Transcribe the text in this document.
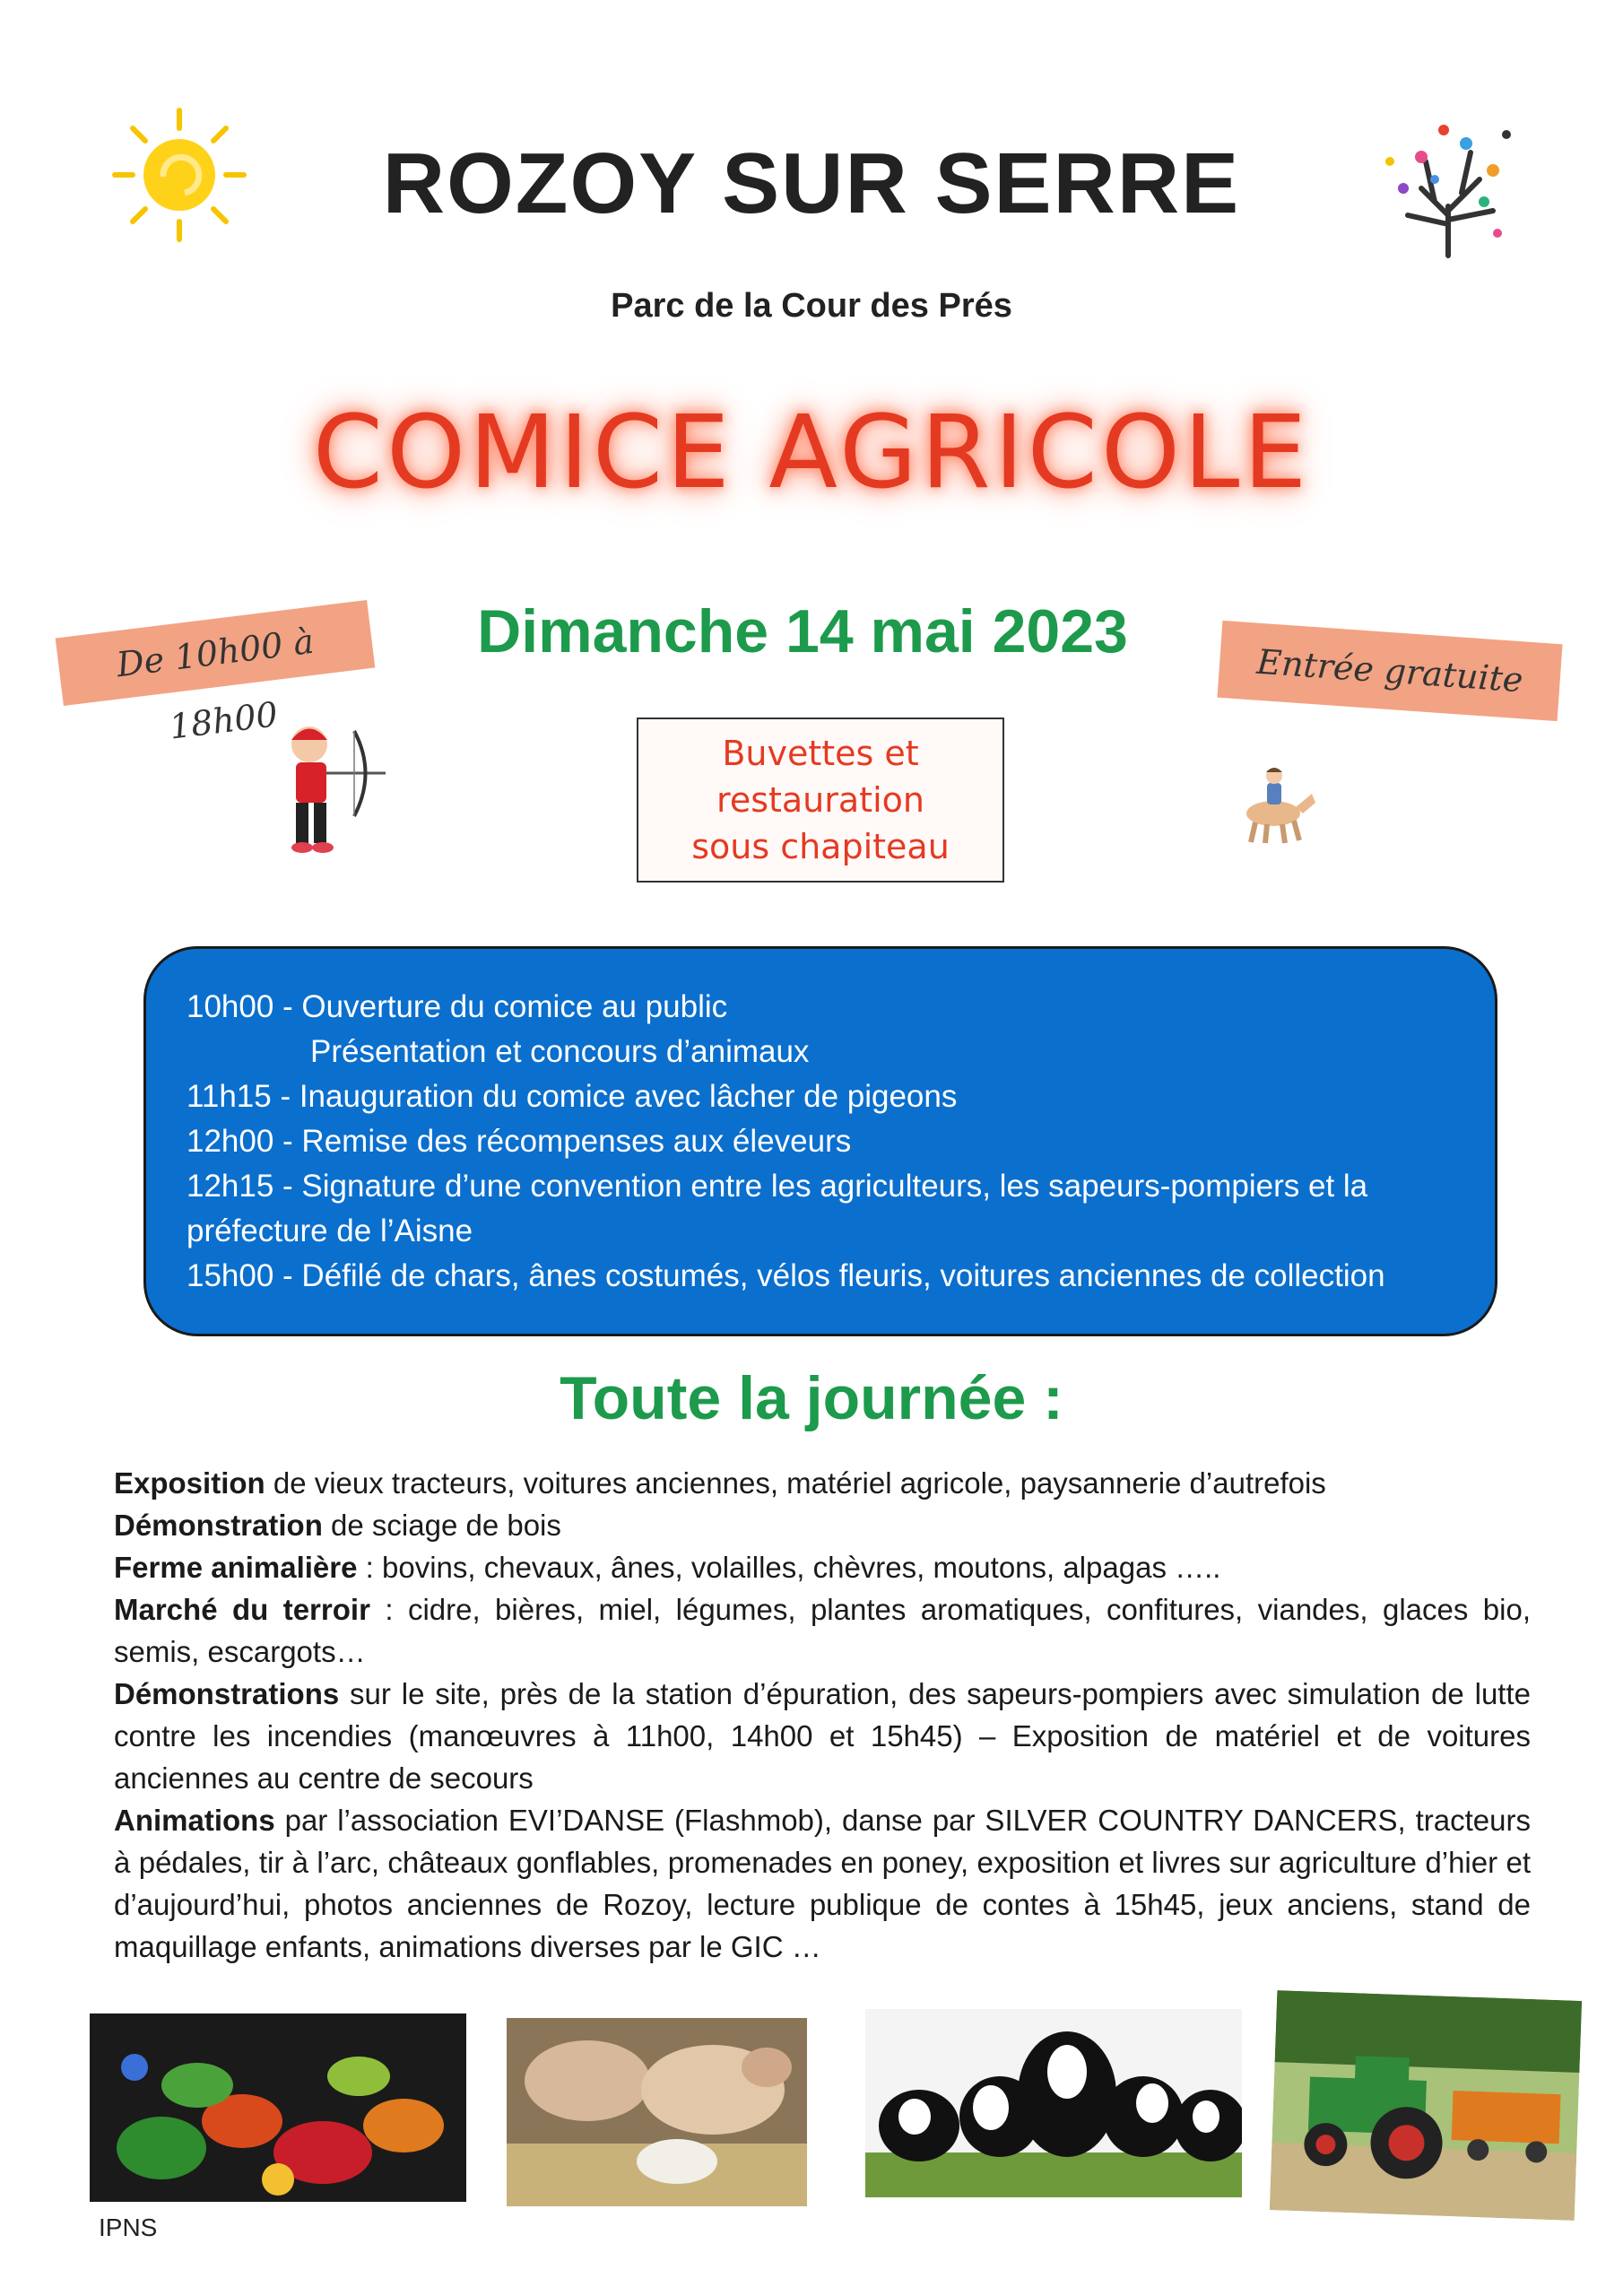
ROZOY SUR SERRE
Parc de la Cour des Prés
COMICE AGRICOLE
De 10h00 à 18h00
Dimanche 14 mai 2023
Entrée gratuite
Buvettes et
restauration
sous chapiteau
10h00 - Ouverture du comice au public
Présentation et concours d’animaux
11h15 - Inauguration du comice avec lâcher de pigeons
12h00 - Remise des récompenses aux éleveurs
12h15 - Signature d’une convention entre les agriculteurs, les sapeurs-pompiers et la
préfecture de l’Aisne
15h00 - Défilé de chars, ânes costumés, vélos fleuris, voitures anciennes de collection
Toute la journée :

Exposition de vieux tracteurs, voitures anciennes, matériel agricole, paysannerie d’autrefois

Démonstration de sciage de bois

Ferme animalière : bovins, chevaux, ânes, volailles, chèvres, moutons, alpagas …..

Marché du terroir : cidre, bières, miel, légumes, plantes aromatiques, confitures, viandes, glaces bio, semis, escargots…

Démonstrations sur le site, près de la station d’épuration, des sapeurs-pompiers avec simulation de lutte contre les incendies (manœuvres à 11h00, 14h00 et 15h45) – Exposition de matériel et de voitures anciennes au centre de secours

Animations par l’association EVI’DANSE (Flashmob), danse par SILVER COUNTRY DANCERS, tracteurs à pédales, tir à l’arc, châteaux gonflables, promenades en poney, exposition et livres sur agriculture d’hier et d’aujourd’hui, photos anciennes de Rozoy, lecture publique de contes à 15h45, jeux anciens, stand de maquillage enfants, animations diverses par le GIC …

IPNS
